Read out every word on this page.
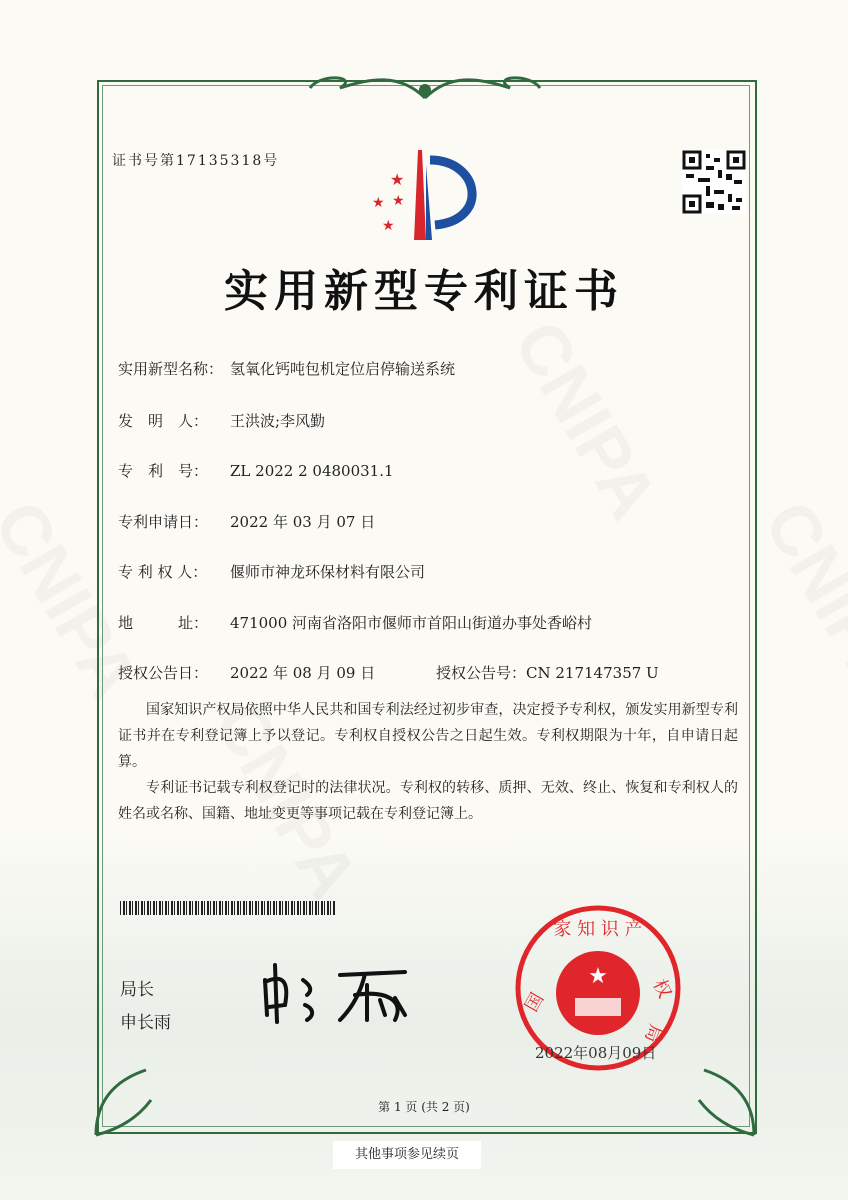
证书号第17135318号
★
★ ★
★
实用新型专利证书
实用新型名称： 氢氧化钙吨包机定位启停输送系统
发　明　人： 王洪波;李风勤
专　利　号： ZL 2022 2 0480031.1
专利申请日： 2022 年 03 月 07 日
专 利 权 人： 偃师市神龙环保材料有限公司
地　　　址： 471000 河南省洛阳市偃师市首阳山街道办事处香峪村
授权公告日： 2022 年 08 月 09 日	授权公告号：CN 217147357 U
国家知识产权局依照中华人民共和国专利法经过初步审查，决定授予专利权，颁发实用新型专利证书并在专利登记簿上予以登记。专利权自授权公告之日起生效。专利权期限为十年，自申请日起算。
专利证书记载专利权登记时的法律状况。专利权的转移、质押、无效、终止、恢复和专利权人的姓名或名称、国籍、地址变更等事项记载在专利登记簿上。
局长
申长雨
★
家 知 识 产
国
权
局
2022年08月09日
第 1 页 (共 2 页)
其他事项参见续页
